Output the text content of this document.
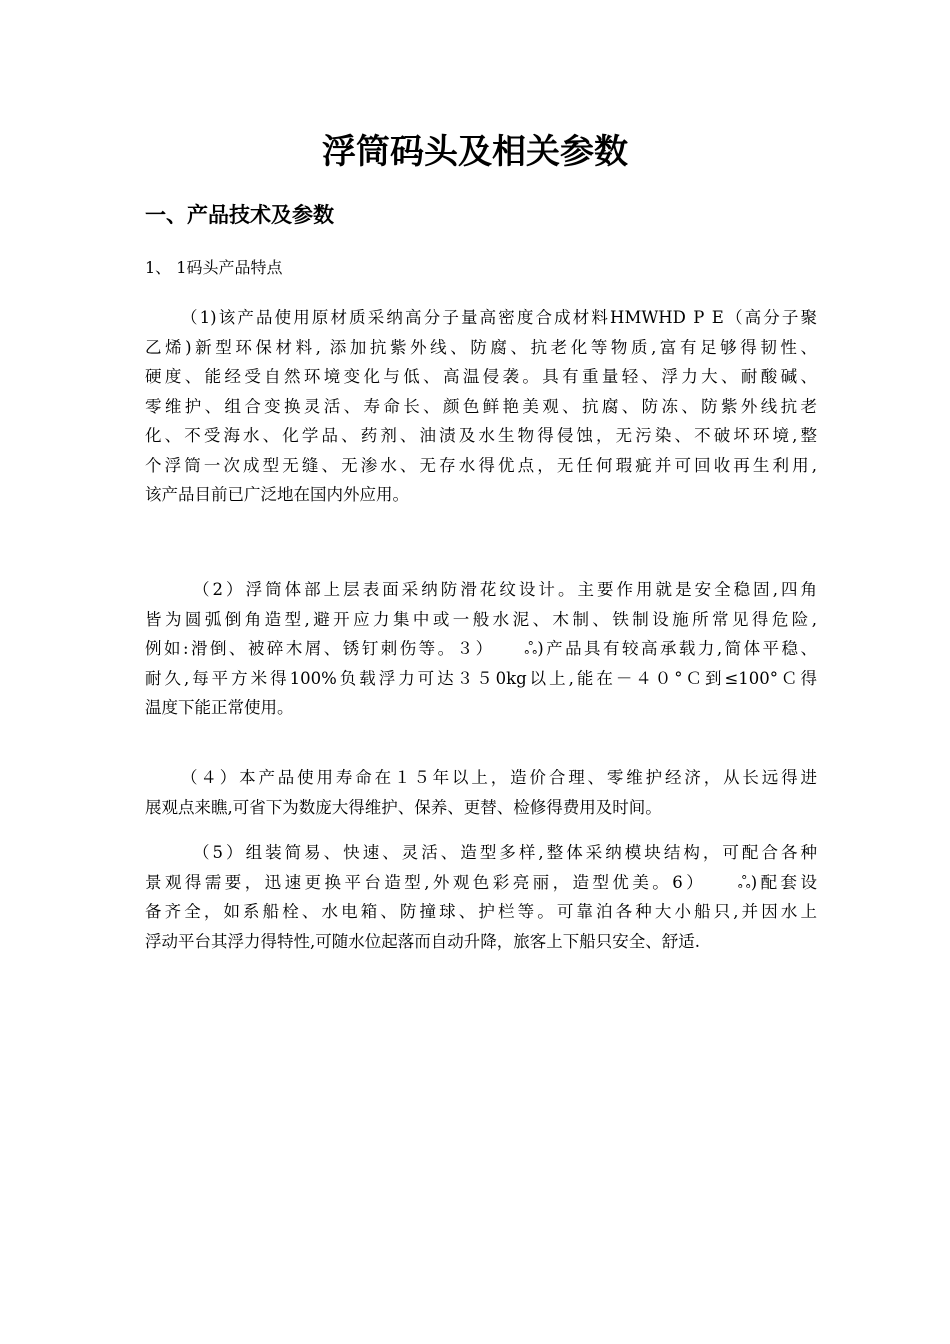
浮筒码头及相关参数
一、产品技术及参数
1、 1码头产品特点
（1)该产品使用原材质采纳高分子量高密度合成材料HMWHD P E（高分子聚
乙烯)新型环保材料, 添加抗紫外线、防腐、抗老化等物质,富有足够得韧性、
硬度、能经受自然环境变化与低、高温侵袭。具有重量轻、浮力大、耐酸碱、
零维护、组合变换灵活、寿命长、颜色鲜艳美观、抗腐、防冻、防紫外线抗老
化、不受海水、化学品、药剂、油渍及水生物得侵蚀，无污染、不破坏环境,整
个浮筒一次成型无缝、无渗水、无存水得优点，无任何瑕疵并可回收再生利用,
该产品目前已广泛地在国内外应用。
（2）浮筒体部上层表面采纳防滑花纹设计。主要作用就是安全稳固,四角
皆为圆弧倒角造型,避开应力集中或一般水泥、木制、铁制设施所常见得危险,
例如:滑倒、被碎木屑、锈钉刺伤等。３）　　ஃ)产品具有较高承载力,简体平稳、
耐久,每平方米得100%负载浮力可达３５0kg以上,能在－４０°Ｃ到≤100°Ｃ得
温度下能正常使用。
（４）本产品使用寿命在１５年以上，造价合理、零维护经济，从长远得进
展观点来瞧,可省下为数庞大得维护、保养、更替、检修得费用及时间。
（5）组装简易、快速、灵活、造型多样,整体采纳模块结构，可配合各种
景观得需要，迅速更换平台造型,外观色彩亮丽，造型优美。6）　　ஃ)配套设
备齐全，如系船栓、水电箱、防撞球、护栏等。可靠泊各种大小船只,并因水上
浮动平台其浮力得特性,可随水位起落而自动升降，旅客上下船只安全、舒适.
